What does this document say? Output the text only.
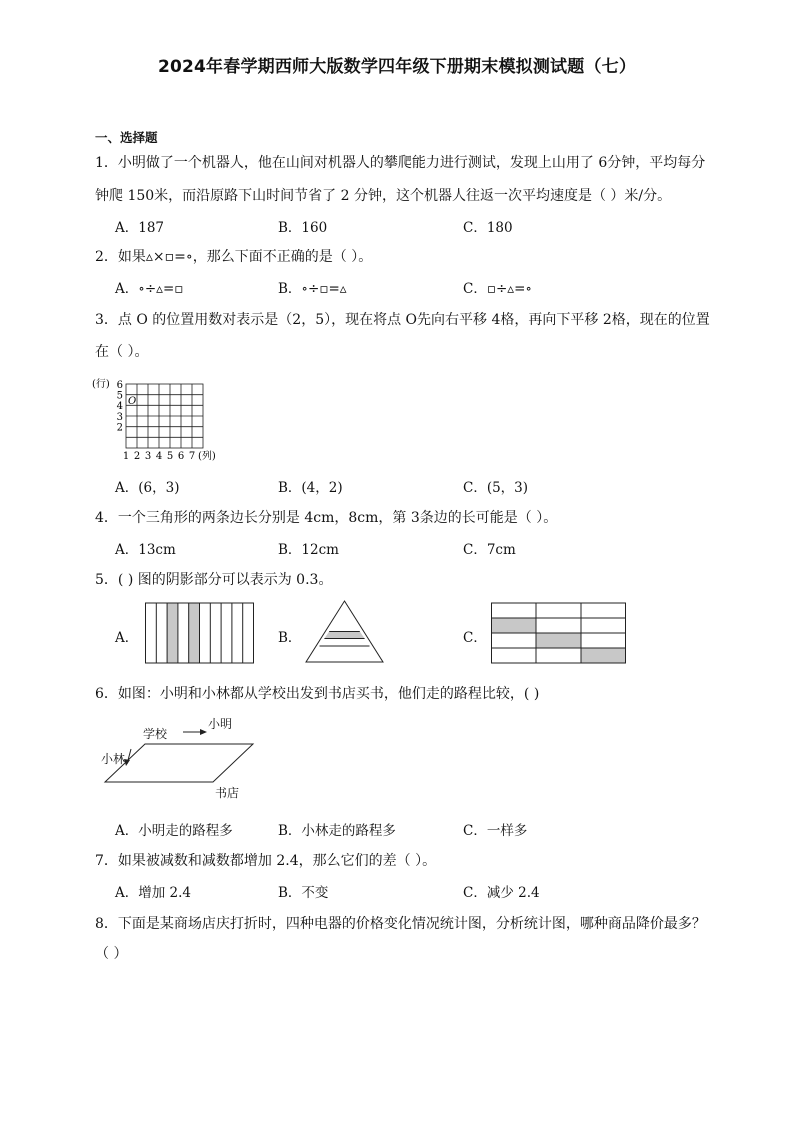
2024年春学期西师大版数学四年级下册期末模拟测试题（七）
一、选择题
1．小明做了一个机器人，他在山间对机器人的攀爬能力进行测试，发现上山用了 6分钟，平均每分
钟爬 150米，而沿原路下山时间节省了 2 分钟，这个机器人往返一次平均速度是（ ）米/分。
A．187	B．160	C．180
2．如果▵×▫=∘，那么下面不正确的是（ ）。
A．∘÷▵=▫	B．∘÷▫=▵	C．▫÷▵=∘
3．点 O 的位置用数对表示是（2，5），现在将点 O先向右平移 4格，再向下平移 2格，现在的位置
在（ ）。
(行) 6
5
4
3
2
O
1 2 3 4 5 6 7 (列)
A．(6，3)	B．(4，2)	C．(5，3)
4．一个三角形的两条边长分别是 4cm，8cm，第 3条边的长可能是（ ）。
A．13cm	B．12cm	C．7cm
5．( ) 图的阴影部分可以表示为 0.3。
A．	B．	C．
6．如图：小明和小林都从学校出发到书店买书，他们走的路程比较，( )
学校
小明
小林
书店
A．小明走的路程多	B．小林走的路程多	C．一样多
7．如果被减数和减数都增加 2.4，那么它们的差（ ）。
A．增加 2.4	B．不变	C．减少 2.4
8．下面是某商场店庆打折时，四种电器的价格变化情况统计图，分析统计图，哪种商品降价最多？
（ ）
